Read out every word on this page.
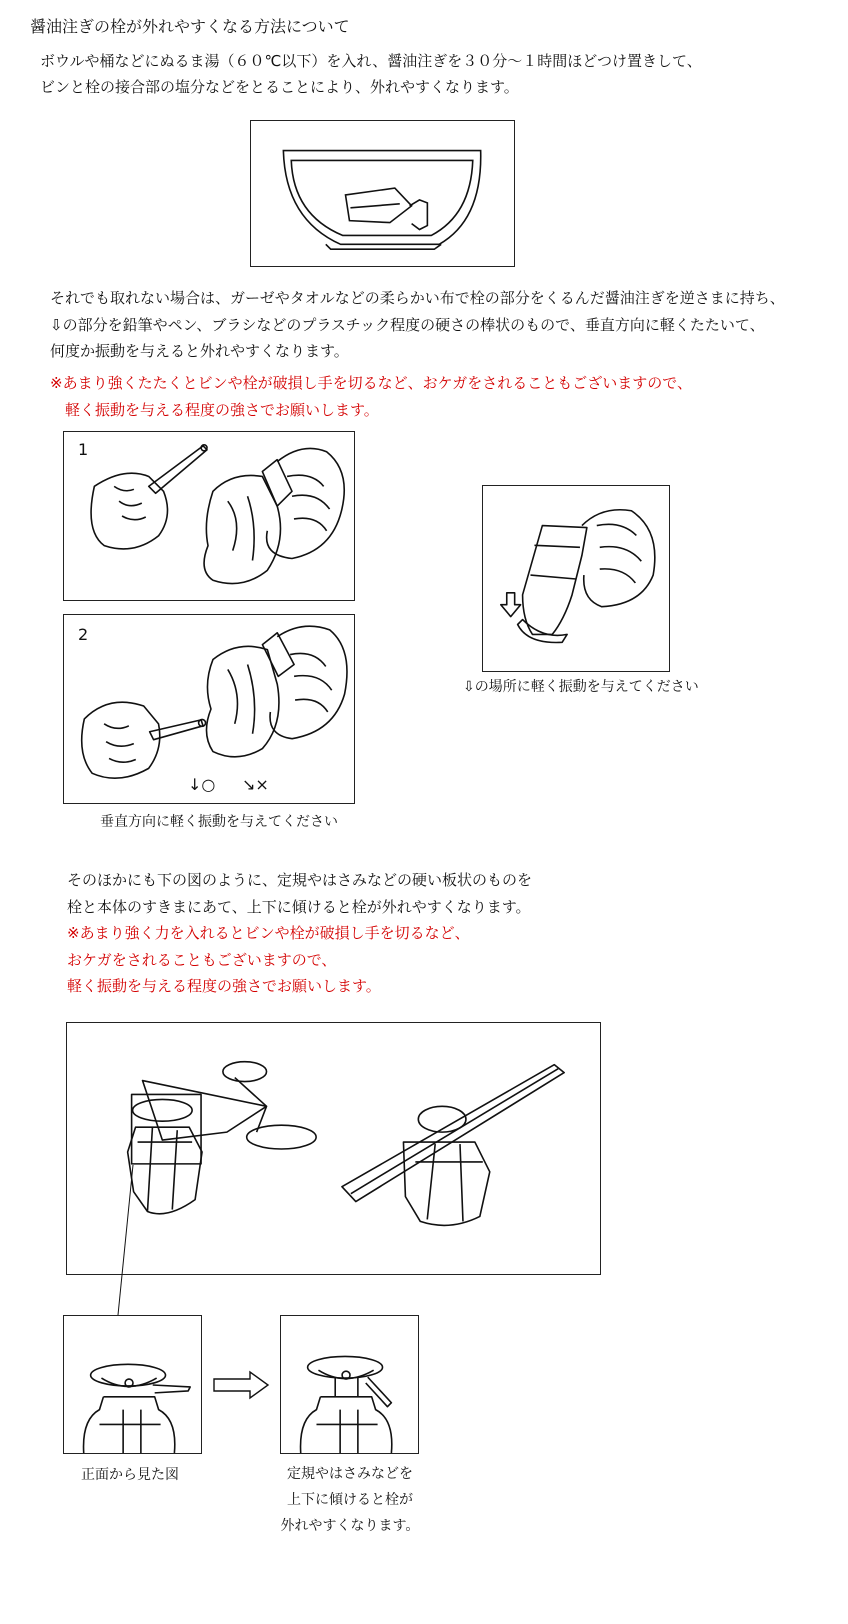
醤油注ぎの栓が外れやすくなる方法について
ボウルや桶などにぬるま湯（６０℃以下）を入れ、醤油注ぎを３０分～１時間ほどつけ置きして、
ビンと栓の接合部の塩分などをとることにより、外れやすくなります。
それでも取れない場合は、ガーゼやタオルなどの柔らかい布で栓の部分をくるんだ醤油注ぎを逆さまに持ち、
⇩の部分を鉛筆やペン、ブラシなどのプラスチック程度の硬さの棒状のもので、垂直方向に軽くたたいて、
何度か振動を与えると外れやすくなります。
※あまり強くたたくとビンや栓が破損し手を切るなど、おケガをされることもございますので、
軽く振動を与える程度の強さでお願いします。
1
2
↓○ ↘×
垂直方向に軽く振動を与えてください
⇩の場所に軽く振動を与えてください
そのほかにも下の図のように、定規やはさみなどの硬い板状のものを
栓と本体のすきまにあて、上下に傾けると栓が外れやすくなります。
※あまり強く力を入れるとビンや栓が破損し手を切るなど、
おケガをされることもございますので、
軽く振動を与える程度の強さでお願いします。
正面から見た図	定規やはさみなどを
上下に傾けると栓が
外れやすくなります。
